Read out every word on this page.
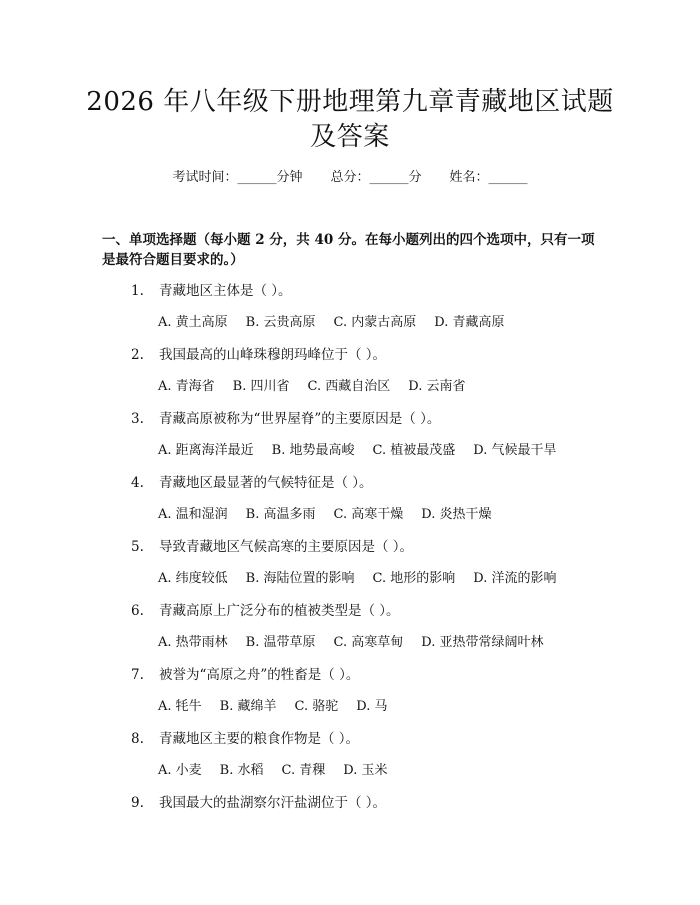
2026 年八年级下册地理第九章青藏地区试题
及答案
考试时间：______分钟 总分：______分 姓名：______
一、单项选择题（每小题 2 分，共 40 分。在每小题列出的四个选项中，只有一项
是最符合题目要求的。）
1. 青藏地区主体是（ ）。
A. 黄土高原 B. 云贵高原 C. 内蒙古高原 D. 青藏高原
2. 我国最高的山峰珠穆朗玛峰位于（ ）。
A. 青海省 B. 四川省 C. 西藏自治区 D. 云南省
3. 青藏高原被称为“世界屋脊”的主要原因是（ ）。
A. 距离海洋最近 B. 地势最高峻 C. 植被最茂盛 D. 气候最干旱
4. 青藏地区最显著的气候特征是（ ）。
A. 温和湿润 B. 高温多雨 C. 高寒干燥 D. 炎热干燥
5. 导致青藏地区气候高寒的主要原因是（ ）。
A. 纬度较低 B. 海陆位置的影响 C. 地形的影响 D. 洋流的影响
6. 青藏高原上广泛分布的植被类型是（ ）。
A. 热带雨林 B. 温带草原 C. 高寒草甸 D. 亚热带常绿阔叶林
7. 被誉为“高原之舟”的牲畜是（ ）。
A. 牦牛 B. 藏绵羊 C. 骆驼 D. 马
8. 青藏地区主要的粮食作物是（ ）。
A. 小麦 B. 水稻 C. 青稞 D. 玉米
9. 我国最大的盐湖察尔汗盐湖位于（ ）。
